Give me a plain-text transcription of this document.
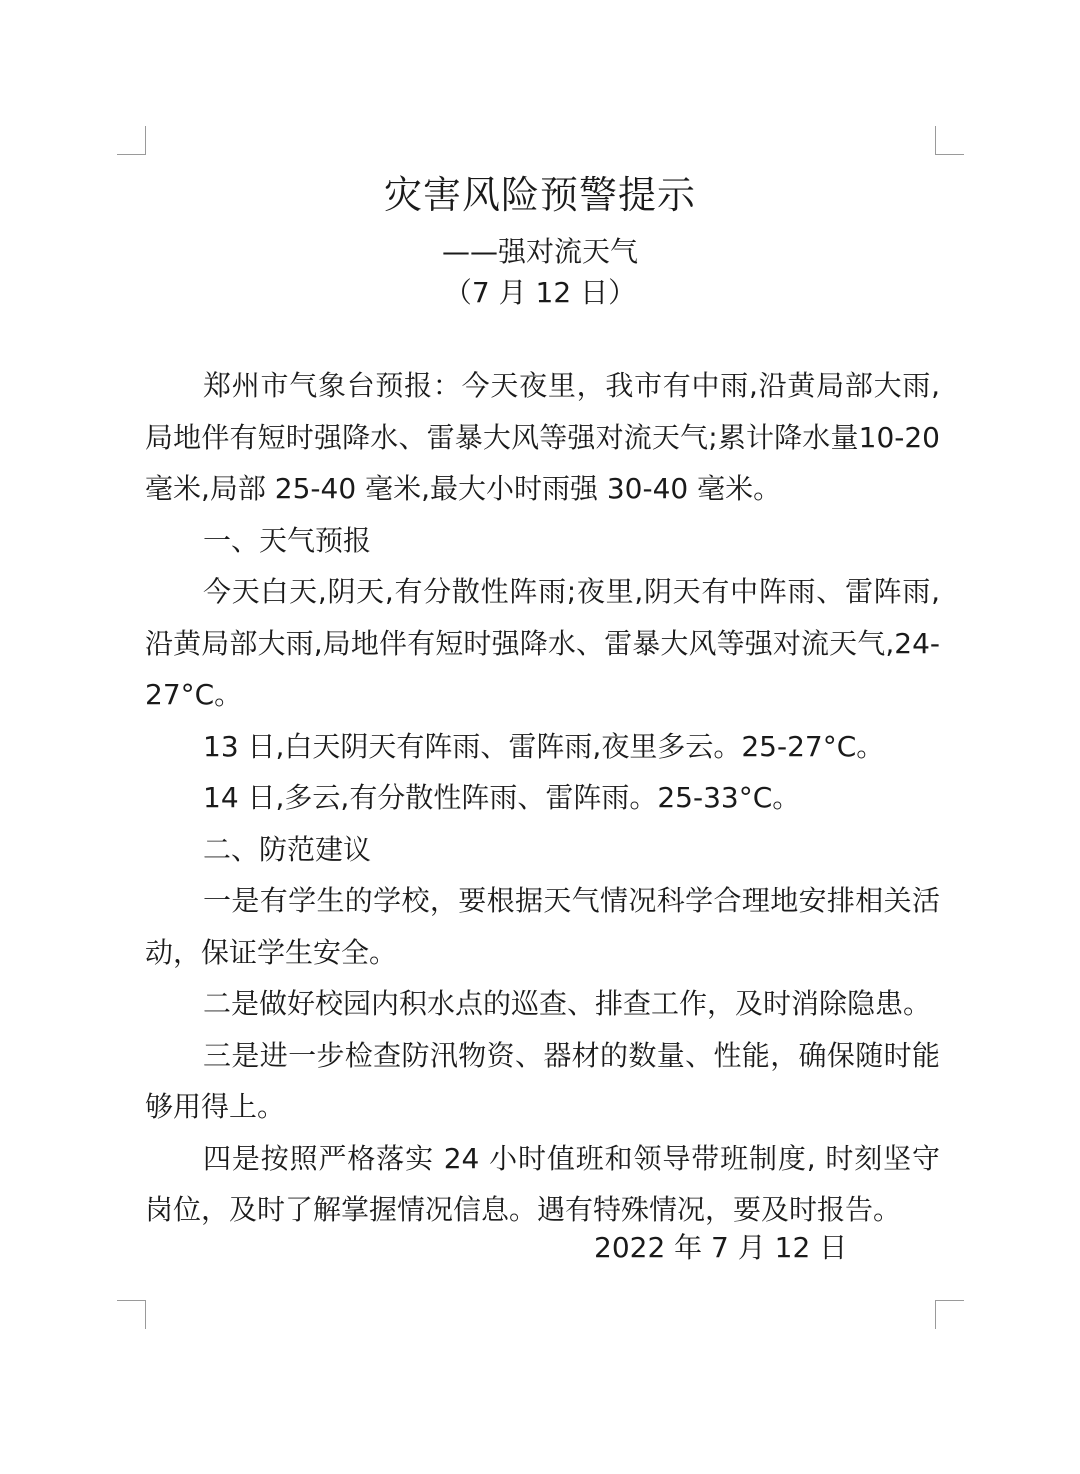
灾害风险预警提示
——强对流天气
（7 月 12 日）

郑州市气象台预报：今天夜里，我市有中雨,沿黄局部大雨,局地伴有短时强降水、雷暴大风等强对流天气;累计降水量10-20 毫米,局部 25-40 毫米,最大小时雨强 30-40 毫米。

一、天气预报

今天白天,阴天,有分散性阵雨;夜里,阴天有中阵雨、雷阵雨,沿黄局部大雨,局地伴有短时强降水、雷暴大风等强对流天气,24-27°C。

13 日,白天阴天有阵雨、雷阵雨,夜里多云。25-27°C。

14 日,多云,有分散性阵雨、雷阵雨。25-33°C。

二、防范建议

一是有学生的学校，要根据天气情况科学合理地安排相关活动，保证学生安全。

二是做好校园内积水点的巡查、排查工作，及时消除隐患。

三是进一步检查防汛物资、器材的数量、性能，确保随时能够用得上。

四是按照严格落实 24 小时值班和领导带班制度, 时刻坚守岗位，及时了解掌握情况信息。遇有特殊情况，要及时报告。

2022 年 7 月 12 日
